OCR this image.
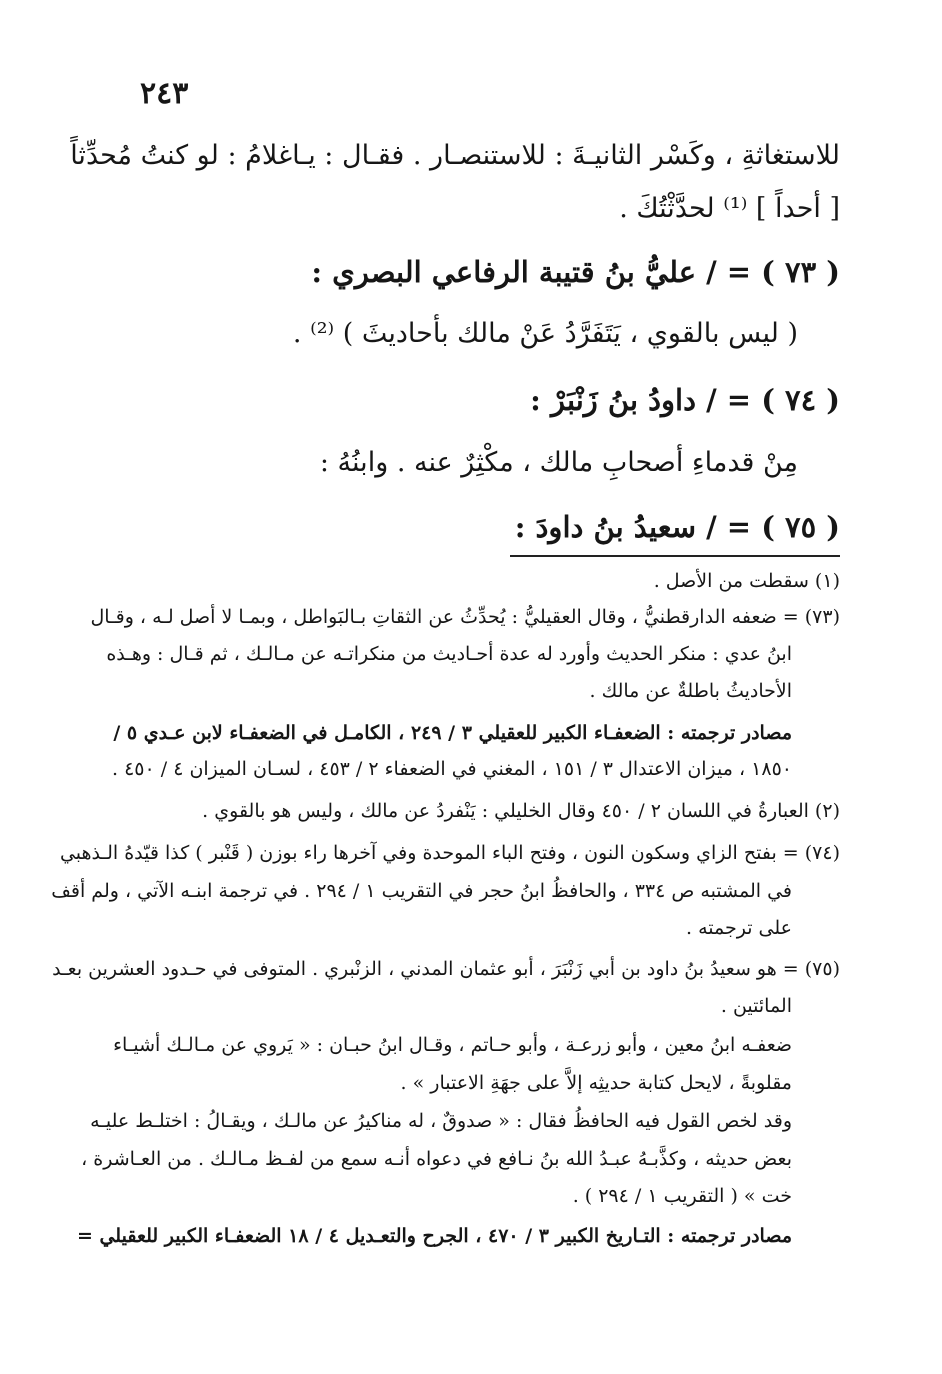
٢٤٣
للاستغاثةِ ، وكَسْر الثانيـةَ : للاستنصـار . فقـال : يـاغلامُ : لو كنتُ مُحدِّثاً
[ أحداً ] ⁽¹⁾ لحدَّثْتُكَ .
( ٧٣ ) = / عليُّ بنُ قتيبة الرفاعي البصري :
( ليس بالقوي ، يَتَفَرَّدُ عَنْ مالك بأحاديثَ ) ⁽²⁾ .
( ٧٤ ) = / داودُ بنُ زَنْبَرْ :
مِنْ قدماءِ أصحابِ مالك ، مكْثِرٌ عنه . وابنُهُ :
( ٧٥ ) = / سعيدُ بنُ داودَ :
(١) سقطت من الأصل .
(٧٣) = ضعفه الدارقطنيُّ ، وقال العقيليُّ : يُحدِّثُ عن الثقاتِ بـالبَواطل ، وبمـا لا أصل لـه ، وقـال
ابنُ عدي : منكر الحديث وأورد له عدة أحـاديث من منكراتـه عن مـالـك ، ثم قـال : وهـذه
الأحاديثُ باطلةٌ عن مالك .
مصادر ترجمته : الضعفـاء الكبير للعقيلي ٣ / ٢٤٩ ، الكامـل في الضعفـاء لابن عـدي ٥ /
١٨٥٠ ، ميزان الاعتدال ٣ / ١٥١ ، المغني في الضعفاء ٢ / ٤٥٣ ، لسـان الميزان ٤ / ٤٥٠ .
(٢) العبارةُ في اللسان ٢ / ٤٥٠ وقال الخليلي : يَنْفردُ عن مالك ، وليس هو بالقوي .
(٧٤) = بفتح الزاي وسكون النون ، وفتح الباء الموحدة وفي آخرها راء بوزن ( قَنْبر ) كذا قيّدهُ الـذهبي
في المشتبه ص ٣٣٤ ، والحافظُ ابنُ حجر في التقريب ١ / ٢٩٤ . في ترجمة ابنـه الآتي ، ولم أقف
على ترجمته .
(٧٥) = هو سعيدُ بنُ داود بن أبي زَنْبَرَ ، أبو عثمان المدني ، الزنْبري . المتوفى في حـدود العشرين بعـد
المائتين .
ضعفـه ابنُ معين ، وأبو زرعـة ، وأبو حـاتم ، وقـال ابنُ حبـان : « يَروي عن مـالـك أشيـاء
مقلوبةً ، لايحل كتابة حديثِه إلاَّ على جهَةِ الاعتبار » .
وقد لخص القول فيه الحافظُ فقال : « صدوقٌ ، له مناكيرُ عن مالـك ، ويقـالُ : اختلـط عليـه
بعض حديثه ، وكذَّبـهُ عبـدُ الله بنُ نـافع في دعواه أنـه سمع من لفـظ مـالـك . من العـاشرة ،
خت » ( التقريب ١ / ٢٩٤ ) .
مصادر ترجمته : التـاريخ الكبير ٣ / ٤٧٠ ، الجرح والتعـديل ٤ / ١٨ الضعفـاء الكبير للعقيلي =
